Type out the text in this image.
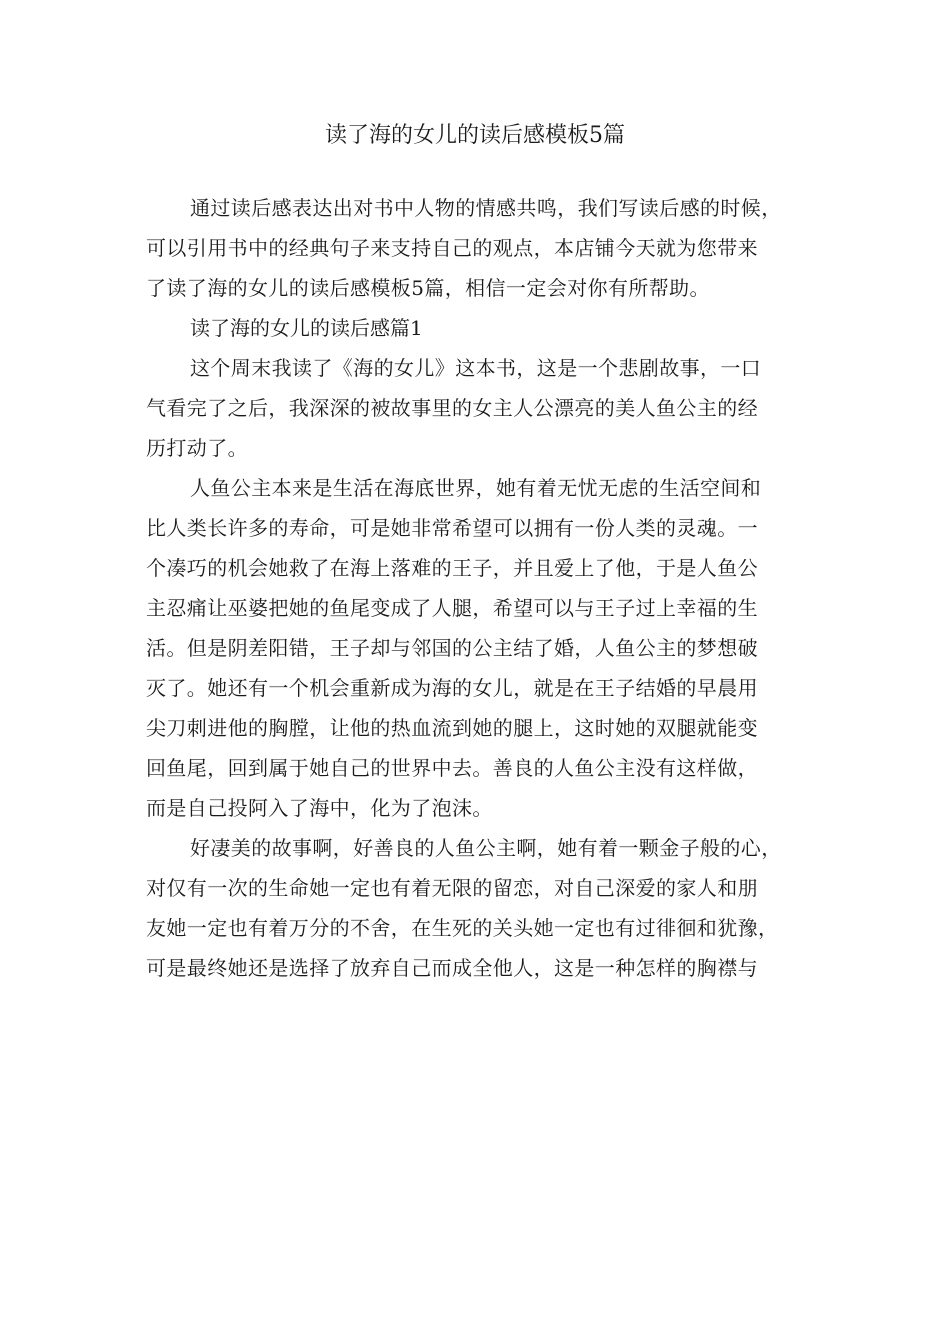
读了海的女儿的读后感模板5篇
通过读后感表达出对书中人物的情感共鸣，我们写读后感的时候，
可以引用书中的经典句子来支持自己的观点，本店铺今天就为您带来
了读了海的女儿的读后感模板5篇，相信一定会对你有所帮助。
读了海的女儿的读后感篇1
这个周末我读了《海的女儿》这本书，这是一个悲剧故事，一口
气看完了之后，我深深的被故事里的女主人公漂亮的美人鱼公主的经
历打动了。
人鱼公主本来是生活在海底世界，她有着无忧无虑的生活空间和
比人类长许多的寿命，可是她非常希望可以拥有一份人类的灵魂。一
个凑巧的机会她救了在海上落难的王子，并且爱上了他，于是人鱼公
主忍痛让巫婆把她的鱼尾变成了人腿，希望可以与王子过上幸福的生
活。但是阴差阳错，王子却与邻国的公主结了婚，人鱼公主的梦想破
灭了。她还有一个机会重新成为海的女儿，就是在王子结婚的早晨用
尖刀刺进他的胸膛，让他的热血流到她的腿上，这时她的双腿就能变
回鱼尾，回到属于她自己的世界中去。善良的人鱼公主没有这样做，
而是自己投阿入了海中，化为了泡沫。
好凄美的故事啊，好善良的人鱼公主啊，她有着一颗金子般的心，
对仅有一次的生命她一定也有着无限的留恋，对自己深爱的家人和朋
友她一定也有着万分的不舍，在生死的关头她一定也有过徘徊和犹豫，
可是最终她还是选择了放弃自己而成全他人，这是一种怎样的胸襟与
